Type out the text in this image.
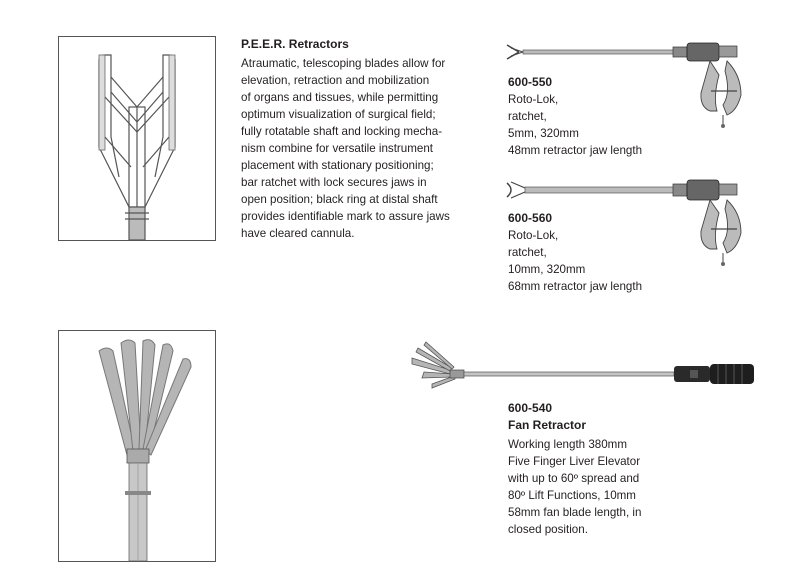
P.E.E.R. Retractors
Atraumatic, telescoping blades allow for
elevation, retraction and mobilization
of organs and tissues, while permitting
optimum visualization of surgical field;
fully rotatable shaft and locking mecha-
nism combine for versatile instrument
placement with stationary positioning;
bar ratchet with lock secures jaws in
open position; black ring at distal shaft
provides identifiable mark to assure jaws
have cleared cannula.
600-550
Roto-Lok,
ratchet,
5mm, 320mm
48mm retractor jaw length
600-560
Roto-Lok,
ratchet,
10mm, 320mm
68mm retractor jaw length
600-540
Fan Retractor
Working length 380mm
Five Finger Liver Elevator
with up to 60º spread and
80º Lift Functions, 10mm
58mm fan blade length, in
closed position.
